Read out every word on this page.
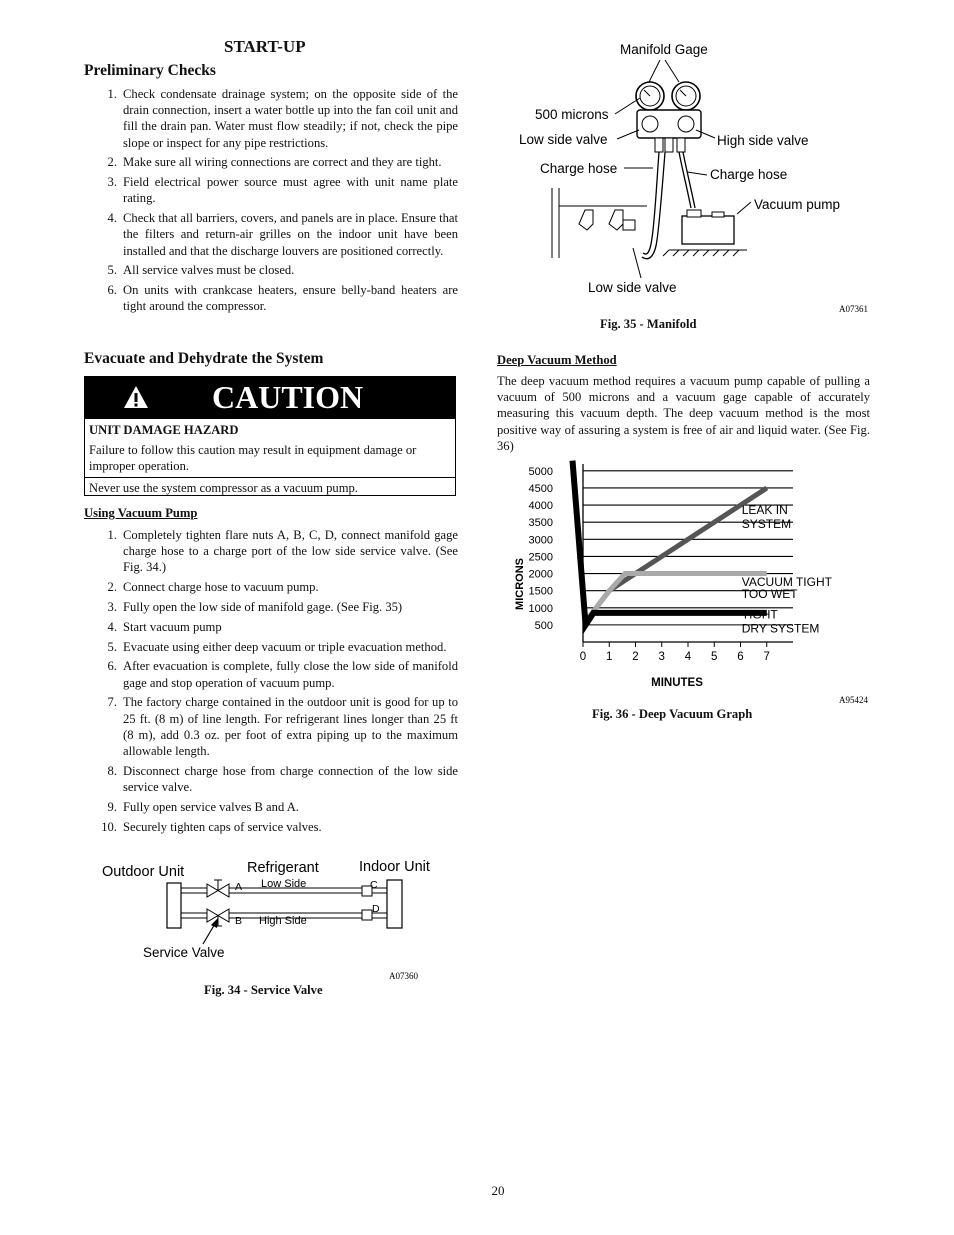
START-UP
Preliminary Checks
1. Check condensate drainage system; on the opposite side of the drain connection, insert a water bottle up into the fan coil unit and fill the drain pan. Water must flow steadily; if not, check the pipe slope or inspect for any pipe restrictions.
2. Make sure all wiring connections are correct and they are tight.
3. Field electrical power source must agree with unit name plate rating.
4. Check that all barriers, covers, and panels are in place. Ensure that the filters and return-air grilles on the indoor unit have been installed and that the discharge louvers are positioned correctly.
5. All service valves must be closed.
6. On units with crankcase heaters, ensure belly-band heaters are tight around the compressor.
Evacuate and Dehydrate the System
CAUTION
UNIT DAMAGE HAZARD
Failure to follow this caution may result in equipment damage or improper operation.
Never use the system compressor as a vacuum pump.
Using Vacuum Pump
1. Completely tighten flare nuts A, B, C, D, connect manifold gage charge hose to a charge port of the low side service valve. (See Fig. 34.)
2. Connect charge hose to vacuum pump.
3. Fully open the low side of manifold gage. (See Fig. 35)
4. Start vacuum pump
5. Evacuate using either deep vacuum or triple evacuation method.
6. After evacuation is complete, fully close the low side of manifold gage and stop operation of vacuum pump.
7. The factory charge contained in the outdoor unit is good for up to 25 ft. (8 m) of line length. For refrigerant lines longer than 25 ft (8 m), add 0.3 oz. per foot of extra piping up to the maximum allowable length.
8. Disconnect charge hose from charge connection of the low side service valve.
9. Fully open service valves B and A.
10. Securely tighten caps of service valves.
Outdoor Unit	Refrigerant	Indoor Unit
A
B
C
D
Low Side
High Side
Service Valve
A07360
Fig. 34 - Service Valve
Manifold Gage
500 microns
Low side valve	High side valve
Charge hose	Charge hose
Vacuum pump
Low side valve
A07361
Fig. 35 - Manifold
Deep Vacuum Method
The deep vacuum method requires a vacuum pump capable of pulling a vacuum of 500 microns and a vacuum gage capable of accurately measuring this vacuum depth. The deep vacuum method is the most positive way of assuring a system is free of air and liquid water. (See Fig. 36)
500
1000
1500
2000
2500
3000
3500
4000
4500
5000
0 1 2 3 4 5 6 7
LEAK IN
SYSTEM
VACUUM TIGHT
TOO WET
TIGHT
DRY SYSTEM
MICRONS
MINUTES
A95424
Fig. 36 - Deep Vacuum Graph
20
